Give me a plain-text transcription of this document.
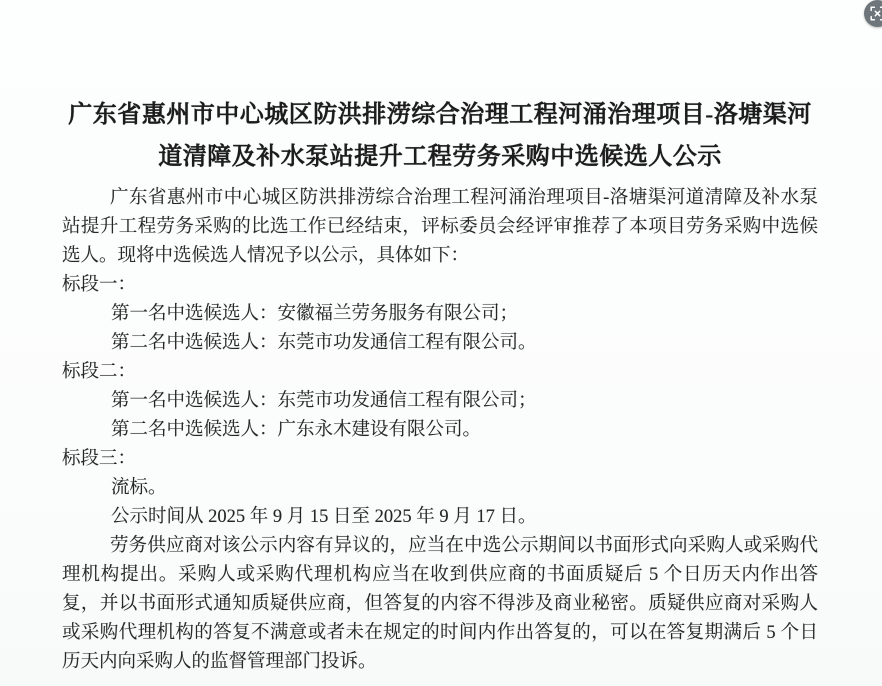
广东省惠州市中心城区防洪排涝综合治理工程河涌治理项目-洛塘渠河
道清障及补水泵站提升工程劳务采购中选候选人公示

广东省惠州市中心城区防洪排涝综合治理工程河涌治理项目-洛塘渠河道清障及补水泵站提升工程劳务采购的比选工作已经结束，评标委员会经评审推荐了本项目劳务采购中选候选人。现将中选候选人情况予以公示，具体如下：

标段一：
第一名中选候选人：安徽福兰劳务服务有限公司；
第二名中选候选人：东莞市功发通信工程有限公司。
标段二：
第一名中选候选人：东莞市功发通信工程有限公司；
第二名中选候选人：广东永木建设有限公司。
标段三：
流标。
公示时间从 2025 年 9 月 15 日至 2025 年 9 月 17 日。

劳务供应商对该公示内容有异议的，应当在中选公示期间以书面形式向采购人或采购代理机构提出。采购人或采购代理机构应当在收到供应商的书面质疑后 5 个日历天内作出答复，并以书面形式通知质疑供应商，但答复的内容不得涉及商业秘密。质疑供应商对采购人或采购代理机构的答复不满意或者未在规定的时间内作出答复的，可以在答复期满后 5 个日历天内向采购人的监督管理部门投诉。
